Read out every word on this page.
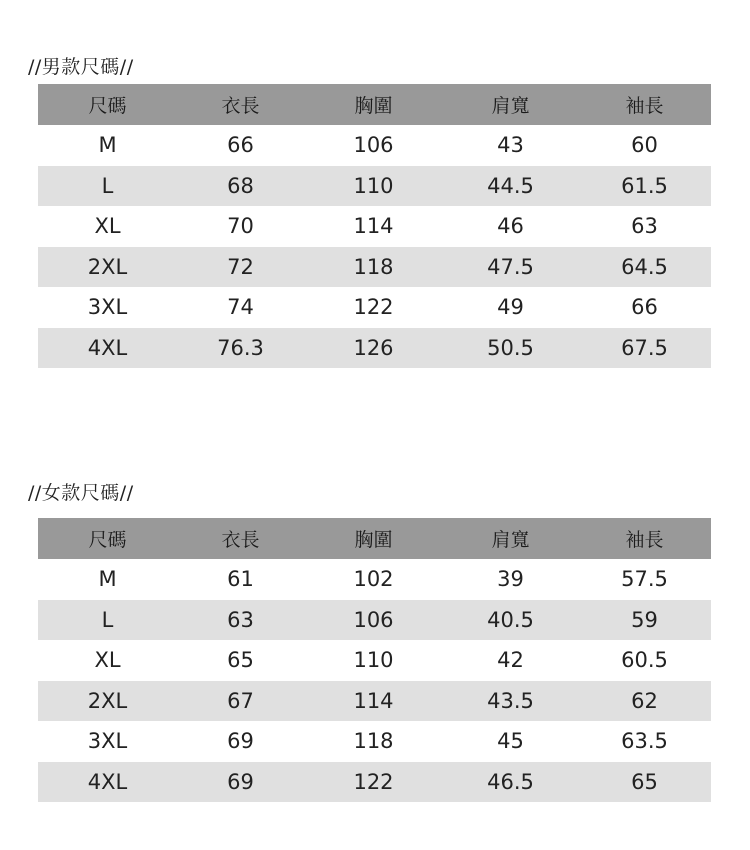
//男款尺碼//
尺碼	衣長	胸圍	肩寬	袖長
M	66	106	43	60
L	68	110	44.5	61.5
XL	70	114	46	63
2XL	72	118	47.5	64.5
3XL	74	122	49	66
4XL	76.3	126	50.5	67.5
//女款尺碼//
尺碼	衣長	胸圍	肩寬	袖長
M	61	102	39	57.5
L	63	106	40.5	59
XL	65	110	42	60.5
2XL	67	114	43.5	62
3XL	69	118	45	63.5
4XL	69	122	46.5	65
